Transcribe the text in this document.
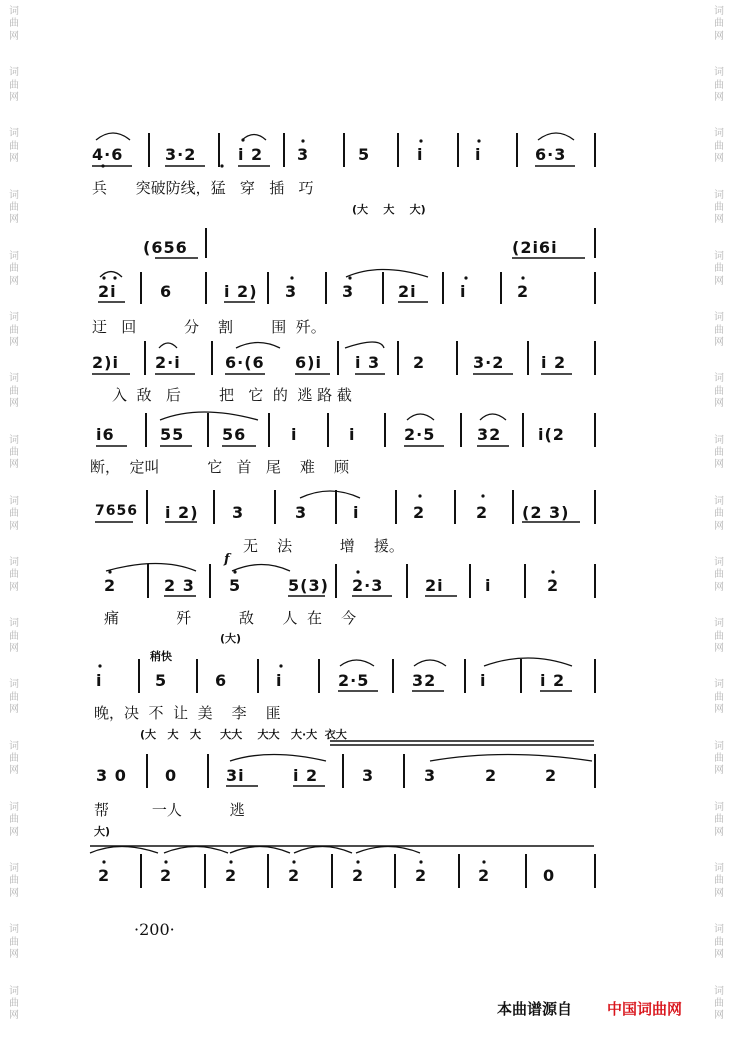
词
曲
网
词
曲
网
词
曲
网
词
曲
网
词
曲
网
词
曲
网
词
曲
网
词
曲
网
词
曲
网
词
曲
网
词
曲
网
词
曲
网
词
曲
网
词
曲
网
词
曲
网
词
曲
网
词
曲
网
词
曲
网
词
曲
网
词
曲
网
词
曲
网
词
曲
网
词
曲
网
词
曲
网
词
曲
网
词
曲
网
词
曲
网
词
曲
网
词
曲
网
词
曲
网
词
曲
网
词
曲
网
词
曲
网
词
曲
网
4·6	3·2	i 2 3	5	i	i	6·3
兵      突破防线，猛   穿   插   巧
(大    大    大)
(656	(2i6i
2i	6	i 2) 3	3	2i	i	2
迂   回          分    割        围  歼。
2)i 2·i	6·(6 6)i i 3 2	3·2 i 2
入  敌   后        把   它  的  逃 路 截
i6	55 56	i	i	2·5	32 i(2
断，  定叫          它   首   尾    难    顾
7656 i 2) 3	3	i	2	2 (2 3)
无    法          增    援。
f
2	2 3 5	5(3) 2·3	2i	i	2
痛            歼          敌      人  在    今
(大)
稍快
i	5	6	i	2·5	32	i	i 2
晚，决  不  让  美    李    匪
(大   大   大     大大    大大   大·大  衣大
3 0 0	3i	i 2	3	3	2	2
帮         一人          逃
大)
2	2	2	2	2	2	2	0
·200·
本曲谱源自 中国词曲网
